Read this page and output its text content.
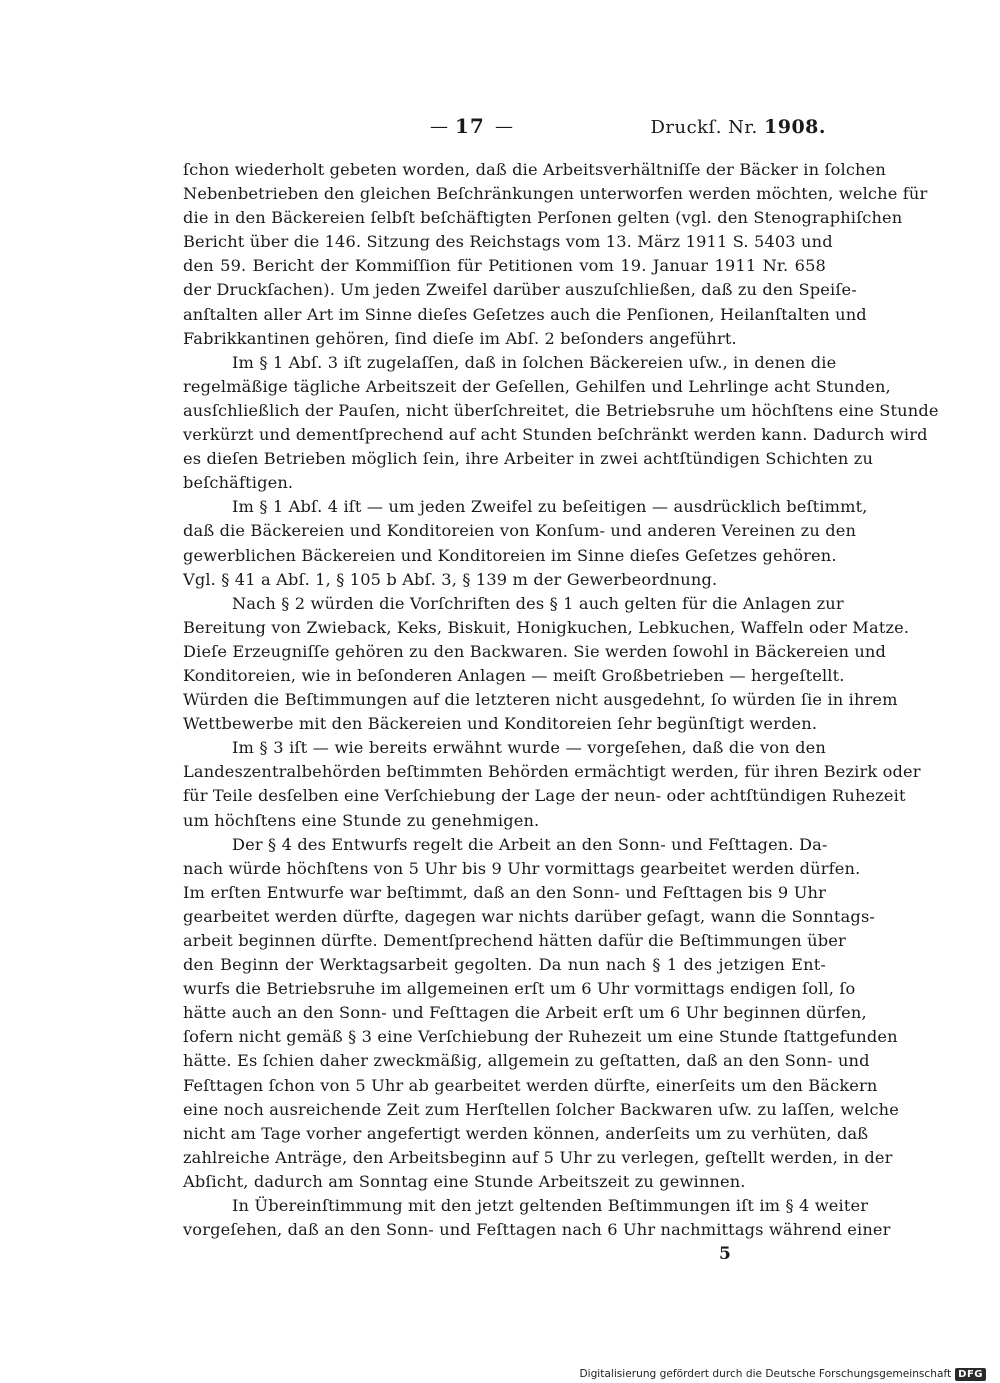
— 17 —	Druckſ. Nr. 1908.
ſchon wiederholt gebeten worden, daß die Arbeitsverhältniſſe der Bäcker in ſolchen
Nebenbetrieben den gleichen Beſchränkungen unterworfen werden möchten, welche für
die in den Bäckereien ſelbſt beſchäftigten Perſonen gelten (vgl. den Stenographiſchen
Bericht über die 146. Sitzung des Reichstags vom 13. März 1911 S. 5403 und
den 59. Bericht der Kommiſſion für Petitionen vom 19. Januar 1911 Nr. 658
der Druckſachen). Um jeden Zweifel darüber auszuſchließen, daß zu den Speiſe-
anſtalten aller Art im Sinne dieſes Geſetzes auch die Penſionen, Heilanſtalten und
Fabrikkantinen gehören, ſind dieſe im Abſ. 2 beſonders angeführt.
Im § 1 Abſ. 3 iſt zugelaſſen, daß in ſolchen Bäckereien uſw., in denen die
regelmäßige tägliche Arbeitszeit der Geſellen, Gehilfen und Lehrlinge acht Stunden,
ausſchließlich der Pauſen, nicht überſchreitet, die Betriebsruhe um höchſtens eine Stunde
verkürzt und dementſprechend auf acht Stunden beſchränkt werden kann. Dadurch wird
es dieſen Betrieben möglich ſein, ihre Arbeiter in zwei achtſtündigen Schichten zu
beſchäftigen.
Im § 1 Abſ. 4 iſt — um jeden Zweifel zu beſeitigen — ausdrücklich beſtimmt,
daß die Bäckereien und Konditoreien von Konſum- und anderen Vereinen zu den
gewerblichen Bäckereien und Konditoreien im Sinne dieſes Geſetzes gehören.
Vgl. § 41 a Abſ. 1, § 105 b Abſ. 3, § 139 m der Gewerbeordnung.
Nach § 2 würden die Vorſchriften des § 1 auch gelten für die Anlagen zur
Bereitung von Zwieback, Keks, Biskuit, Honigkuchen, Lebkuchen, Waffeln oder Matze.
Dieſe Erzeugniſſe gehören zu den Backwaren. Sie werden ſowohl in Bäckereien und
Konditoreien, wie in beſonderen Anlagen — meiſt Großbetrieben — hergeſtellt.
Würden die Beſtimmungen auf die letzteren nicht ausgedehnt, ſo würden ſie in ihrem
Wettbewerbe mit den Bäckereien und Konditoreien ſehr begünſtigt werden.
Im § 3 iſt — wie bereits erwähnt wurde — vorgeſehen, daß die von den
Landeszentralbehörden beſtimmten Behörden ermächtigt werden, für ihren Bezirk oder
für Teile desſelben eine Verſchiebung der Lage der neun- oder achtſtündigen Ruhezeit
um höchſtens eine Stunde zu genehmigen.
Der § 4 des Entwurfs regelt die Arbeit an den Sonn- und Feſttagen. Da-
nach würde höchſtens von 5 Uhr bis 9 Uhr vormittags gearbeitet werden dürfen.
Im erſten Entwurfe war beſtimmt, daß an den Sonn- und Feſttagen bis 9 Uhr
gearbeitet werden dürfte, dagegen war nichts darüber geſagt, wann die Sonntags-
arbeit beginnen dürfte. Dementſprechend hätten dafür die Beſtimmungen über
den Beginn der Werktagsarbeit gegolten. Da nun nach § 1 des jetzigen Ent-
wurfs die Betriebsruhe im allgemeinen erſt um 6 Uhr vormittags endigen ſoll, ſo
hätte auch an den Sonn- und Feſttagen die Arbeit erſt um 6 Uhr beginnen dürfen,
ſofern nicht gemäß § 3 eine Verſchiebung der Ruhezeit um eine Stunde ſtattgefunden
hätte. Es ſchien daher zweckmäßig, allgemein zu geſtatten, daß an den Sonn- und
Feſttagen ſchon von 5 Uhr ab gearbeitet werden dürfte, einerſeits um den Bäckern
eine noch ausreichende Zeit zum Herſtellen ſolcher Backwaren uſw. zu laſſen, welche
nicht am Tage vorher angefertigt werden können, anderſeits um zu verhüten, daß
zahlreiche Anträge, den Arbeitsbeginn auf 5 Uhr zu verlegen, geſtellt werden, in der
Abſicht, dadurch am Sonntag eine Stunde Arbeitszeit zu gewinnen.
In Übereinſtimmung mit den jetzt geltenden Beſtimmungen iſt im § 4 weiter
vorgeſehen, daß an den Sonn- und Feſttagen nach 6 Uhr nachmittags während einer
5
Digitalisierung gefördert durch die Deutsche Forschungsgemeinschaft DFG
